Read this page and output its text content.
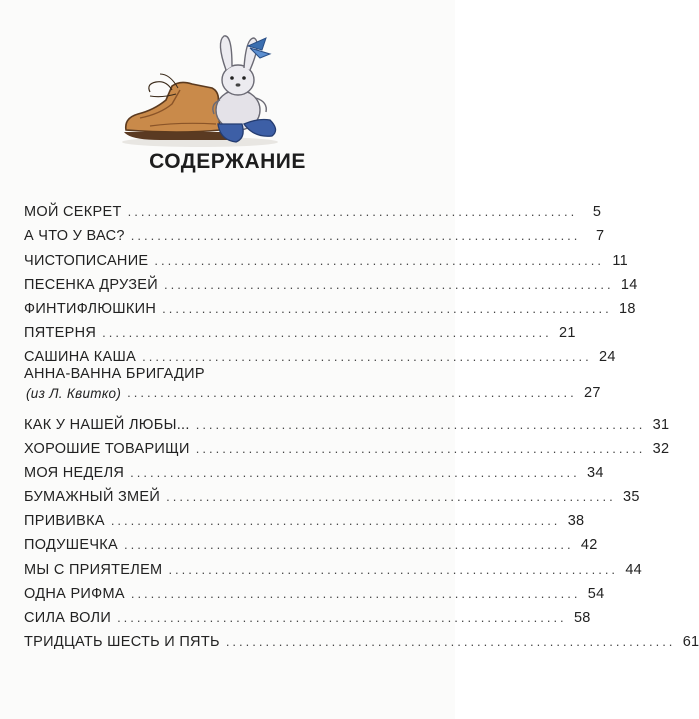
СОДЕРЖАНИЕ
МОЙ СЕКРЕТ ....................................................................	5
А ЧТО У ВАС? ....................................................................	7
ЧИСТОПИСАНИЕ .................................................................... 11
ПЕСЕНКА ДРУЗЕЙ .................................................................... 14
ФИНТИФЛЮШКИН .................................................................... 18
ПЯТЕРНЯ .................................................................... 21
САШИНА КАША .................................................................... 24
АННА-ВАННА БРИГАДИР
(из Л. Квитко) .................................................................... 27
КАК У НАШЕЙ ЛЮБЫ... .................................................................... 31
ХОРОШИЕ ТОВАРИЩИ .................................................................... 32
МОЯ НЕДЕЛЯ .................................................................... 34
БУМАЖНЫЙ ЗМЕЙ .................................................................... 35
ПРИВИВКА .................................................................... 38
ПОДУШЕЧКА .................................................................... 42
МЫ С ПРИЯТЕЛЕМ .................................................................... 44
ОДНА РИФМА .................................................................... 54
СИЛА ВОЛИ .................................................................... 58
ТРИДЦАТЬ ШЕСТЬ И ПЯТЬ .................................................................... 61
